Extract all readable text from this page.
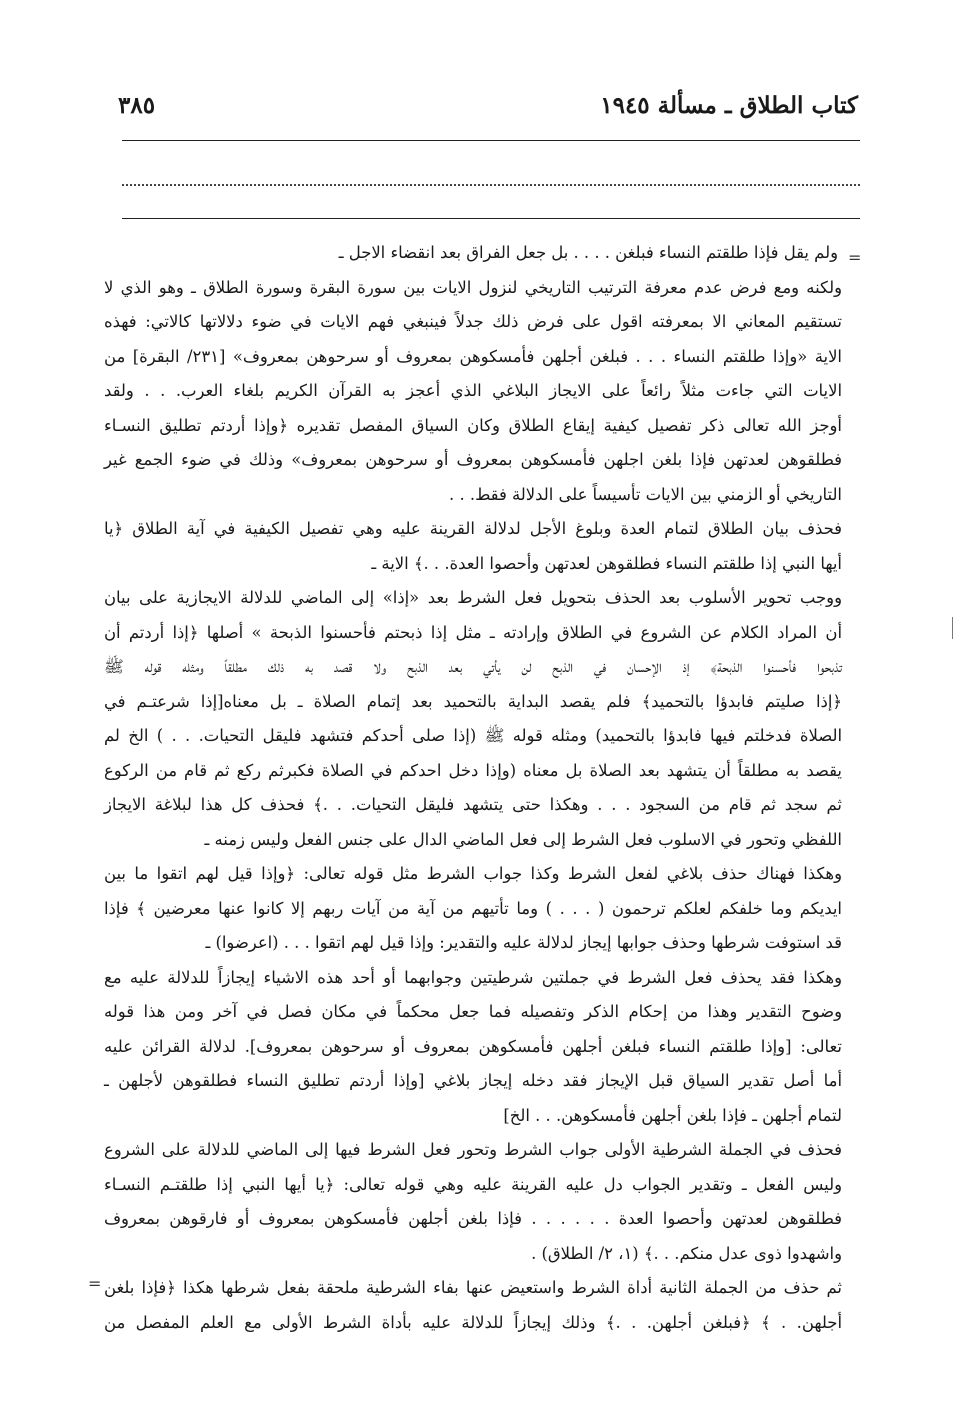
كتاب الطلاق ـ مسألة ١٩٤٥
٣٨٥
=
=
ولم يقل فإذا طلقتم النساء فبلغن . . . . بل جعل الفراق بعد انقضاء الاجل ـ
ولكنه ومع فرض عدم معرفة الترتيب التاريخي لنزول الايات بين سورة البقرة وسورة الطلاق ـ وهو الذي لا
تستقيم المعاني الا بمعرفته اقول على فرض ذلك جدلاً فينبغي فهم الايات في ضوء دلالاتها كالاتي: فهذه
الاية «وإذا طلقتم النساء . . . فبلغن أجلهن فأمسكوهن بمعروف أو سرحوهن بمعروف» [٢٣١/ البقرة] من
الايات التي جاءت مثلاً رائعاً على الايجاز البلاغي الذي أعجز به القرآن الكريم بلغاء العرب. . . ولقد
أوجز الله تعالى ذكر تفصيل كيفية إيقاع الطلاق وكان السياق المفصل تقديره ﴿وإذا أردتم تطليق النسـاء
فطلقوهن لعدتهن فإذا بلغن اجلهن فأمسكوهن بمعروف أو سرحوهن بمعروف» وذلك في ضوء الجمع غير
التاريخي أو الزمني بين الايات تأسيساً على الدلالة فقط. . .
فحذف بيان الطلاق لتمام العدة وبلوغ الأجل لدلالة القرينة عليه وهي تفصيل الكيفية في آية الطلاق ﴿يا
أيها النبي إذا طلقتم النساء فطلقوهن لعدتهن وأحصوا العدة. . .﴾ الاية ـ
ووجب تحوير الأسلوب بعد الحذف بتحويل فعل الشرط بعد «إذا» إلى الماضي للدلالة الايجازية على بيان
أن المراد الكلام عن الشروع في الطلاق وإرادته ـ مثل إذا ذبحتم فأحسنوا الذبحة » أصلها ﴿إذا أردتم أن
تذبحوا فأحسنوا الذبحة﴾ إذ الإحسان في الذبح لن يأتي بعد الذبح ولا قصد به ذلك مطلقاً ومثله قوله ﷺ
﴿إذا صليتم فابدؤا بالتحميد﴾ فلم يقصد البداية بالتحميد بعد إتمام الصلاة ـ بل معناه[إذا شرعتـم في
الصلاة فدخلتم فيها فابدؤا بالتحميد) ومثله قوله ﷺ (إذا صلى أحدكم فتشهد فليقل التحيات. . . ) الخ لم
يقصد به مطلقاً أن يتشهد بعد الصلاة بل معناه (وإذا دخل احدكم في الصلاة فكبرثم ركع ثم قام من الركوع
ثم سجد ثم قام من السجود . . . وهكذا حتى يتشهد فليقل التحيات. . .﴾ فحذف كل هذا لبلاغة الايجاز
اللفظي وتحور في الاسلوب فعل الشرط إلى فعل الماضي الدال على جنس الفعل وليس زمنه ـ
وهكذا فهناك حذف بلاغي لفعل الشرط وكذا جواب الشرط مثل قوله تعالى: ﴿وإذا قيل لهم اتقوا ما بين
ايديكم وما خلفكم لعلكم ترحمون ( . . . ) وما تأتيهم من آية من آيات ربهم إلا كانوا عنها معرضين ﴾ فإذا
قد استوفت شرطها وحذف جوابها إيجاز لدلالة عليه والتقدير: وإذا قيل لهم اتقوا . . . (اعرضوا) ـ
وهكذا فقد يحذف فعل الشرط في جملتين شرطيتين وجوابهما أو أحد هذه الاشياء إيجازاً للدلالة عليه مع
وضوح التقدير وهذا من إحكام الذكر وتفصيله فما جعل محكماً في مكان فصل في آخر ومن هذا قوله
تعالى: [وإذا طلقتم النساء فبلغن أجلهن فأمسكوهن بمعروف أو سرحوهن بمعروف]. لدلالة القرائن عليه
أما أصل تقدير السياق قبل الإيجاز فقد دخله إيجاز بلاغي [وإذا أردتم تطليق النساء فطلقوهن لأجلهن ـ
لتمام أجلهن ـ فإذا بلغن أجلهن فأمسكوهن. . . الخ]
فحذف في الجملة الشرطية الأولى جواب الشرط وتحور فعل الشرط فيها إلى الماضي للدلالة على الشروع
وليس الفعل ـ وتقدير الجواب دل عليه القرينة عليه وهي قوله تعالى: ﴿يا أيها النبي إذا طلقتـم النسـاء
فطلقوهن لعدتهن وأحصوا العدة . . . . . . فإذا بلغن أجلهن فأمسكوهن بمعروف أو فارقوهن بمعروف
واشهدوا ذوى عدل منكم. . .﴾ (١، ٢/ الطلاق) .
ثم حذف من الجملة الثانية أداة الشرط واستعيض عنها بفاء الشرطية ملحقة بفعل شرطها هكذا ﴿فإذا بلغن
أجلهن. . ﴾ ﴿فبلغن أجلهن. . .﴾ وذلك إيجازاً للدلالة عليه بأداة الشرط الأولى مع العلم المفصل من
